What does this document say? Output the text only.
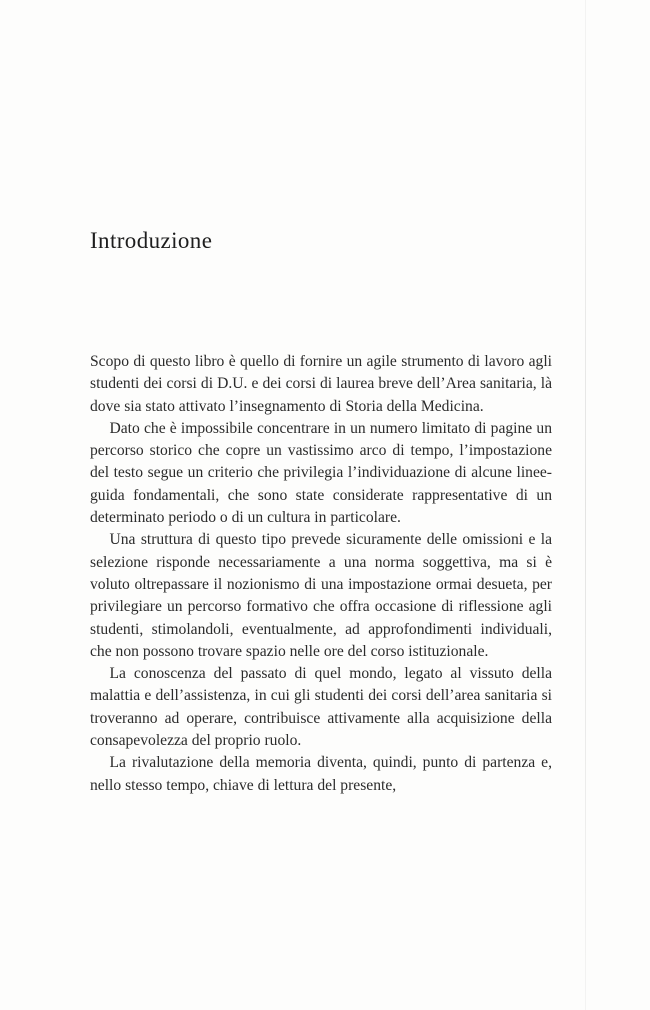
Introduzione

Scopo di questo libro è quello di fornire un agile strumento di lavoro agli studenti dei corsi di D.U. e dei corsi di laurea breve dell’Area sanitaria, là dove sia stato attivato l’insegnamento di Storia della Medicina.

Dato che è impossibile concentrare in un numero limitato di pagine un percorso storico che copre un vastissimo arco di tempo, l’impostazione del testo segue un criterio che privilegia l’individuazione di alcune linee-guida fondamentali, che sono state considerate rappresentative di un determinato periodo o di un cultura in particolare.

Una struttura di questo tipo prevede sicuramente delle omissioni e la selezione risponde necessariamente a una norma soggettiva, ma si è voluto oltrepassare il nozionismo di una impostazione ormai desueta, per privilegiare un percorso formativo che offra occasione di riflessione agli studenti, stimolandoli, eventualmente, ad approfondimenti individuali, che non possono trovare spazio nelle ore del corso istituzionale.

La conoscenza del passato di quel mondo, legato al vissuto della malattia e dell’assistenza, in cui gli studenti dei corsi dell’area sanitaria si troveranno ad operare, contribuisce attivamente alla acquisizione della consapevolezza del proprio ruolo.

La rivalutazione della memoria diventa, quindi, punto di partenza e, nello stesso tempo, chiave di lettura del presente,
